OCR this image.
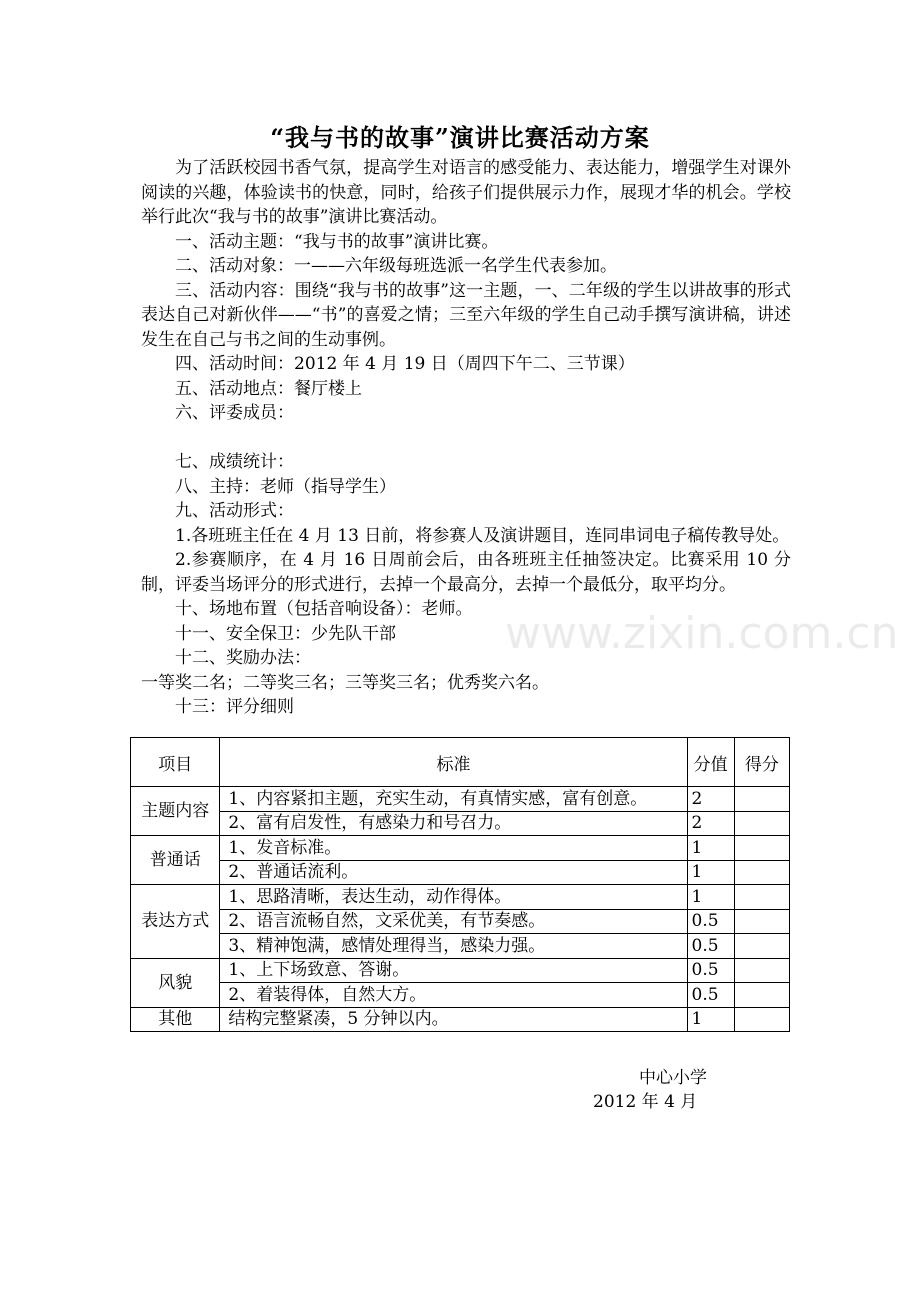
“我与书的故事”演讲比赛活动方案

为了活跃校园书香气氛，提高学生对语言的感受能力、表达能力，增强学生对课外阅读的兴趣，体验读书的快意，同时，给孩子们提供展示力作，展现才华的机会。学校举行此次“我与书的故事”演讲比赛活动。

一、活动主题：“我与书的故事”演讲比赛。

二、活动对象：一——六年级每班选派一名学生代表参加。

三、活动内容：围绕“我与书的故事”这一主题，一、二年级的学生以讲故事的形式表达自己对新伙伴——“书”的喜爱之情；三至六年级的学生自己动手撰写演讲稿，讲述发生在自己与书之间的生动事例。

四、活动时间：2012 年 4 月 19 日（周四下午二、三节课）

五、活动地点：餐厅楼上

六、评委成员：

七、成绩统计：

八、主持：老师（指导学生）

九、活动形式：

1.各班班主任在 4 月 13 日前，将参赛人及演讲题目，连同串词电子稿传教导处。

2.参赛顺序，在 4 月 16 日周前会后，由各班班主任抽签决定。比赛采用 10 分制，评委当场评分的形式进行，去掉一个最高分，去掉一个最低分，取平均分。

十、场地布置（包括音响设备）：老师。

十一、安全保卫：少先队干部

十二、奖励办法：

一等奖二名；二等奖三名；三等奖三名；优秀奖六名。

十三：评分细则

项目	标准	分值	得分
主题内容	1、内容紧扣主题，充实生动，有真情实感，富有创意。	2	
	2、富有启发性，有感染力和号召力。	2	
普通话	1、发音标准。	1	
	2、普通话流利。	1	
表达方式	1、思路清晰，表达生动，动作得体。	1	
	2、语言流畅自然，文采优美，有节奏感。	0.5	
	3、精神饱满，感情处理得当，感染力强。	0.5	
风貌	1、上下场致意、答谢。	0.5	
	2、着装得体，自然大方。	0.5	
其他	结构完整紧凑，5 分钟以内。	1	
中心小学
2012 年 4 月
www.zixin.com.cn
